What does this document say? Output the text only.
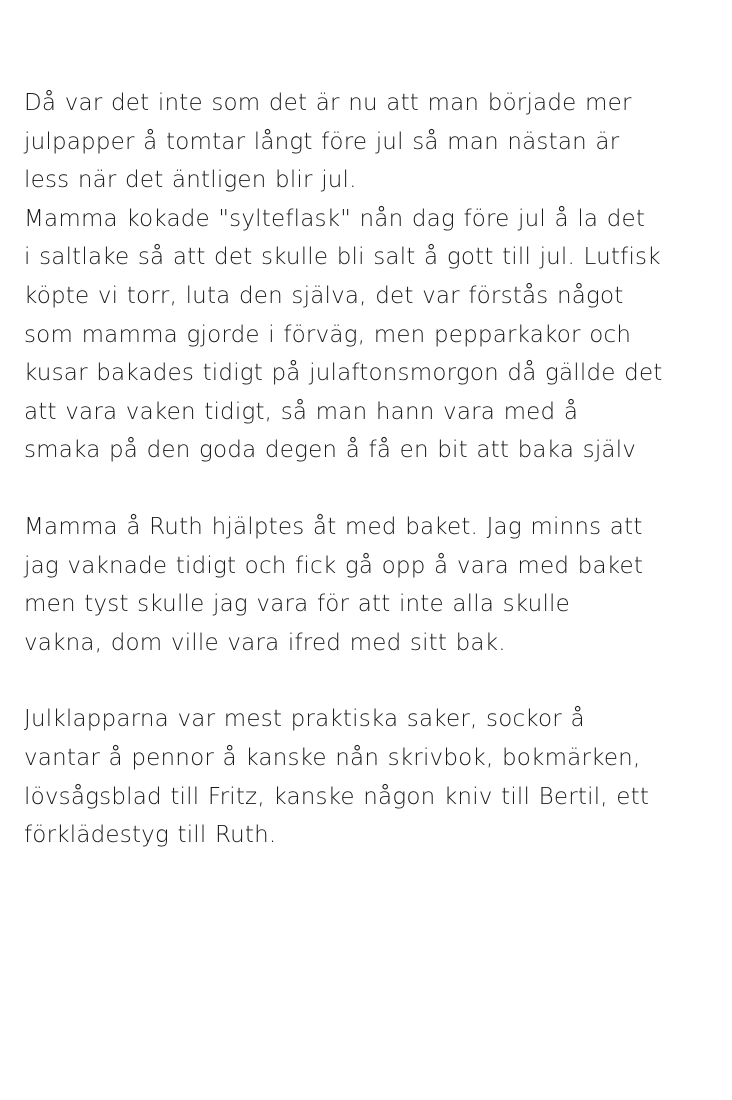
Då var det inte som det är nu att man började mer
julpapper å tomtar långt före jul så man nästan är
less när det äntligen blir jul.

Mamma kokade "sylteflask" nån dag före jul å la det
i saltlake så att det skulle bli salt å gott till jul. Lutfisk
köpte vi torr, luta den själva, det var förstås något
som mamma gjorde i förväg, men pepparkakor och
kusar bakades tidigt på julaftonsmorgon då gällde det
att vara vaken tidigt, så man hann vara med å
smaka på den goda degen å få en bit att baka själv

Mamma å Ruth hjälptes åt med baket. Jag minns att
jag vaknade tidigt och fick gå opp å vara med baket
men tyst skulle jag vara för att inte alla skulle
vakna, dom ville vara ifred med sitt bak.

Julklapparna var mest praktiska saker, sockor å
vantar å pennor å kanske nån skrivbok, bokmärken,
lövsågsblad till Fritz, kanske någon kniv till Bertil, ett
förklädestyg till Ruth.
